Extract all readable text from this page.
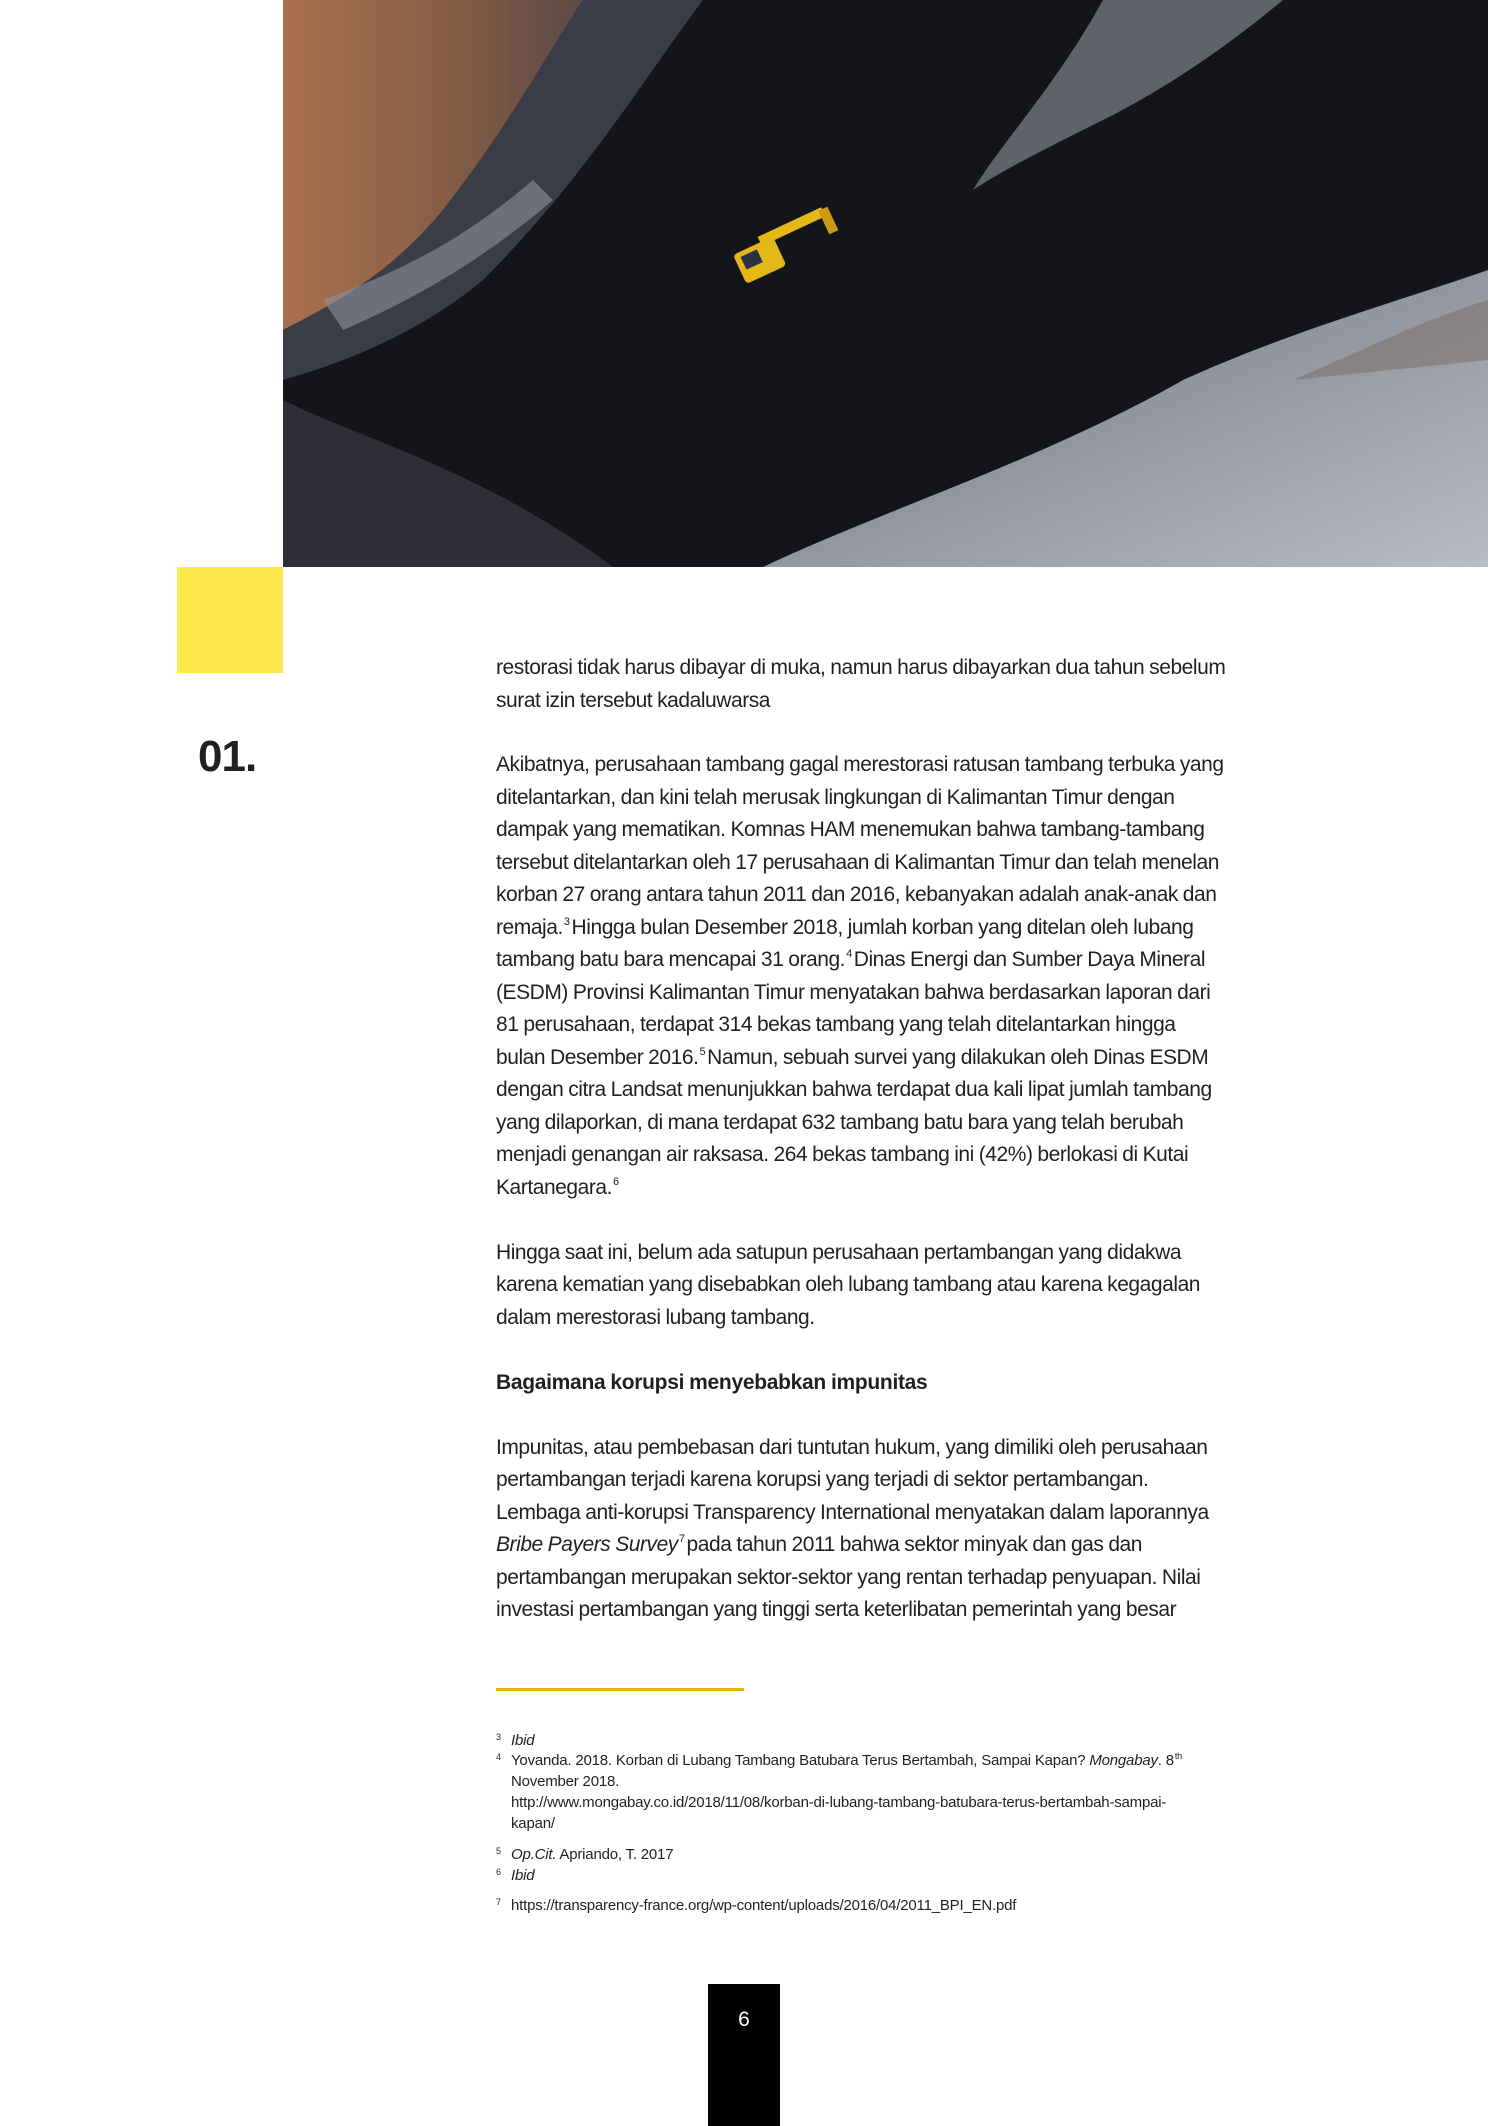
01.
restorasi tidak harus dibayar di muka, namun harus dibayarkan dua tahun sebelum
surat izin tersebut kadaluwarsa
Akibatnya, perusahaan tambang gagal merestorasi ratusan tambang terbuka yang
ditelantarkan, dan kini telah merusak lingkungan di Kalimantan Timur dengan
dampak yang mematikan. Komnas HAM menemukan bahwa tambang-tambang
tersebut ditelantarkan oleh 17 perusahaan di Kalimantan Timur dan telah menelan
korban 27 orang antara tahun 2011 dan 2016, kebanyakan adalah anak-anak dan
remaja.$^3$Hingga bulan Desember 2018, jumlah korban yang ditelan oleh lubang
tambang batu bara mencapai 31 orang.$^4$Dinas Energi dan Sumber Daya Mineral
(ESDM) Provinsi Kalimantan Timur menyatakan bahwa berdasarkan laporan dari
81 perusahaan, terdapat 314 bekas tambang yang telah ditelantarkan hingga
bulan Desember 2016.$^5$Namun, sebuah survei yang dilakukan oleh Dinas ESDM
dengan citra Landsat menunjukkan bahwa terdapat dua kali lipat jumlah tambang
yang dilaporkan, di mana terdapat 632 tambang batu bara yang telah berubah
menjadi genangan air raksasa. 264 bekas tambang ini (42%) berlokasi di Kutai
Kartanegara.$^6$
Hingga saat ini, belum ada satupun perusahaan pertambangan yang didakwa
karena kematian yang disebabkan oleh lubang tambang atau karena kegagalan
dalam merestorasi lubang tambang.
Bagaimana korupsi menyebabkan impunitas
Impunitas, atau pembebasan dari tuntutan hukum, yang dimiliki oleh perusahaan
pertambangan terjadi karena korupsi yang terjadi di sektor pertambangan.
Lembaga anti-korupsi Transparency International menyatakan dalam laporannya
Bribe Payers Survey$^7$pada tahun 2011 bahwa sektor minyak dan gas dan
pertambangan merupakan sektor-sektor yang rentan terhadap penyuapan. Nilai
investasi pertambangan yang tinggi serta keterlibatan pemerintah yang besar
3 Ibid
4 Yovanda. 2018. Korban di Lubang Tambang Batubara Terus Bertambah, Sampai Kapan? Mongabay. 8th
November 2018.
http://www.mongabay.co.id/2018/11/08/korban-di-lubang-tambang-batubara-terus-bertambah-sampai-
kapan/
5 Op.Cit. Apriando, T. 2017
6 Ibid
7 https://transparency-france.org/wp-content/uploads/2016/04/2011_BPI_EN.pdf
6
